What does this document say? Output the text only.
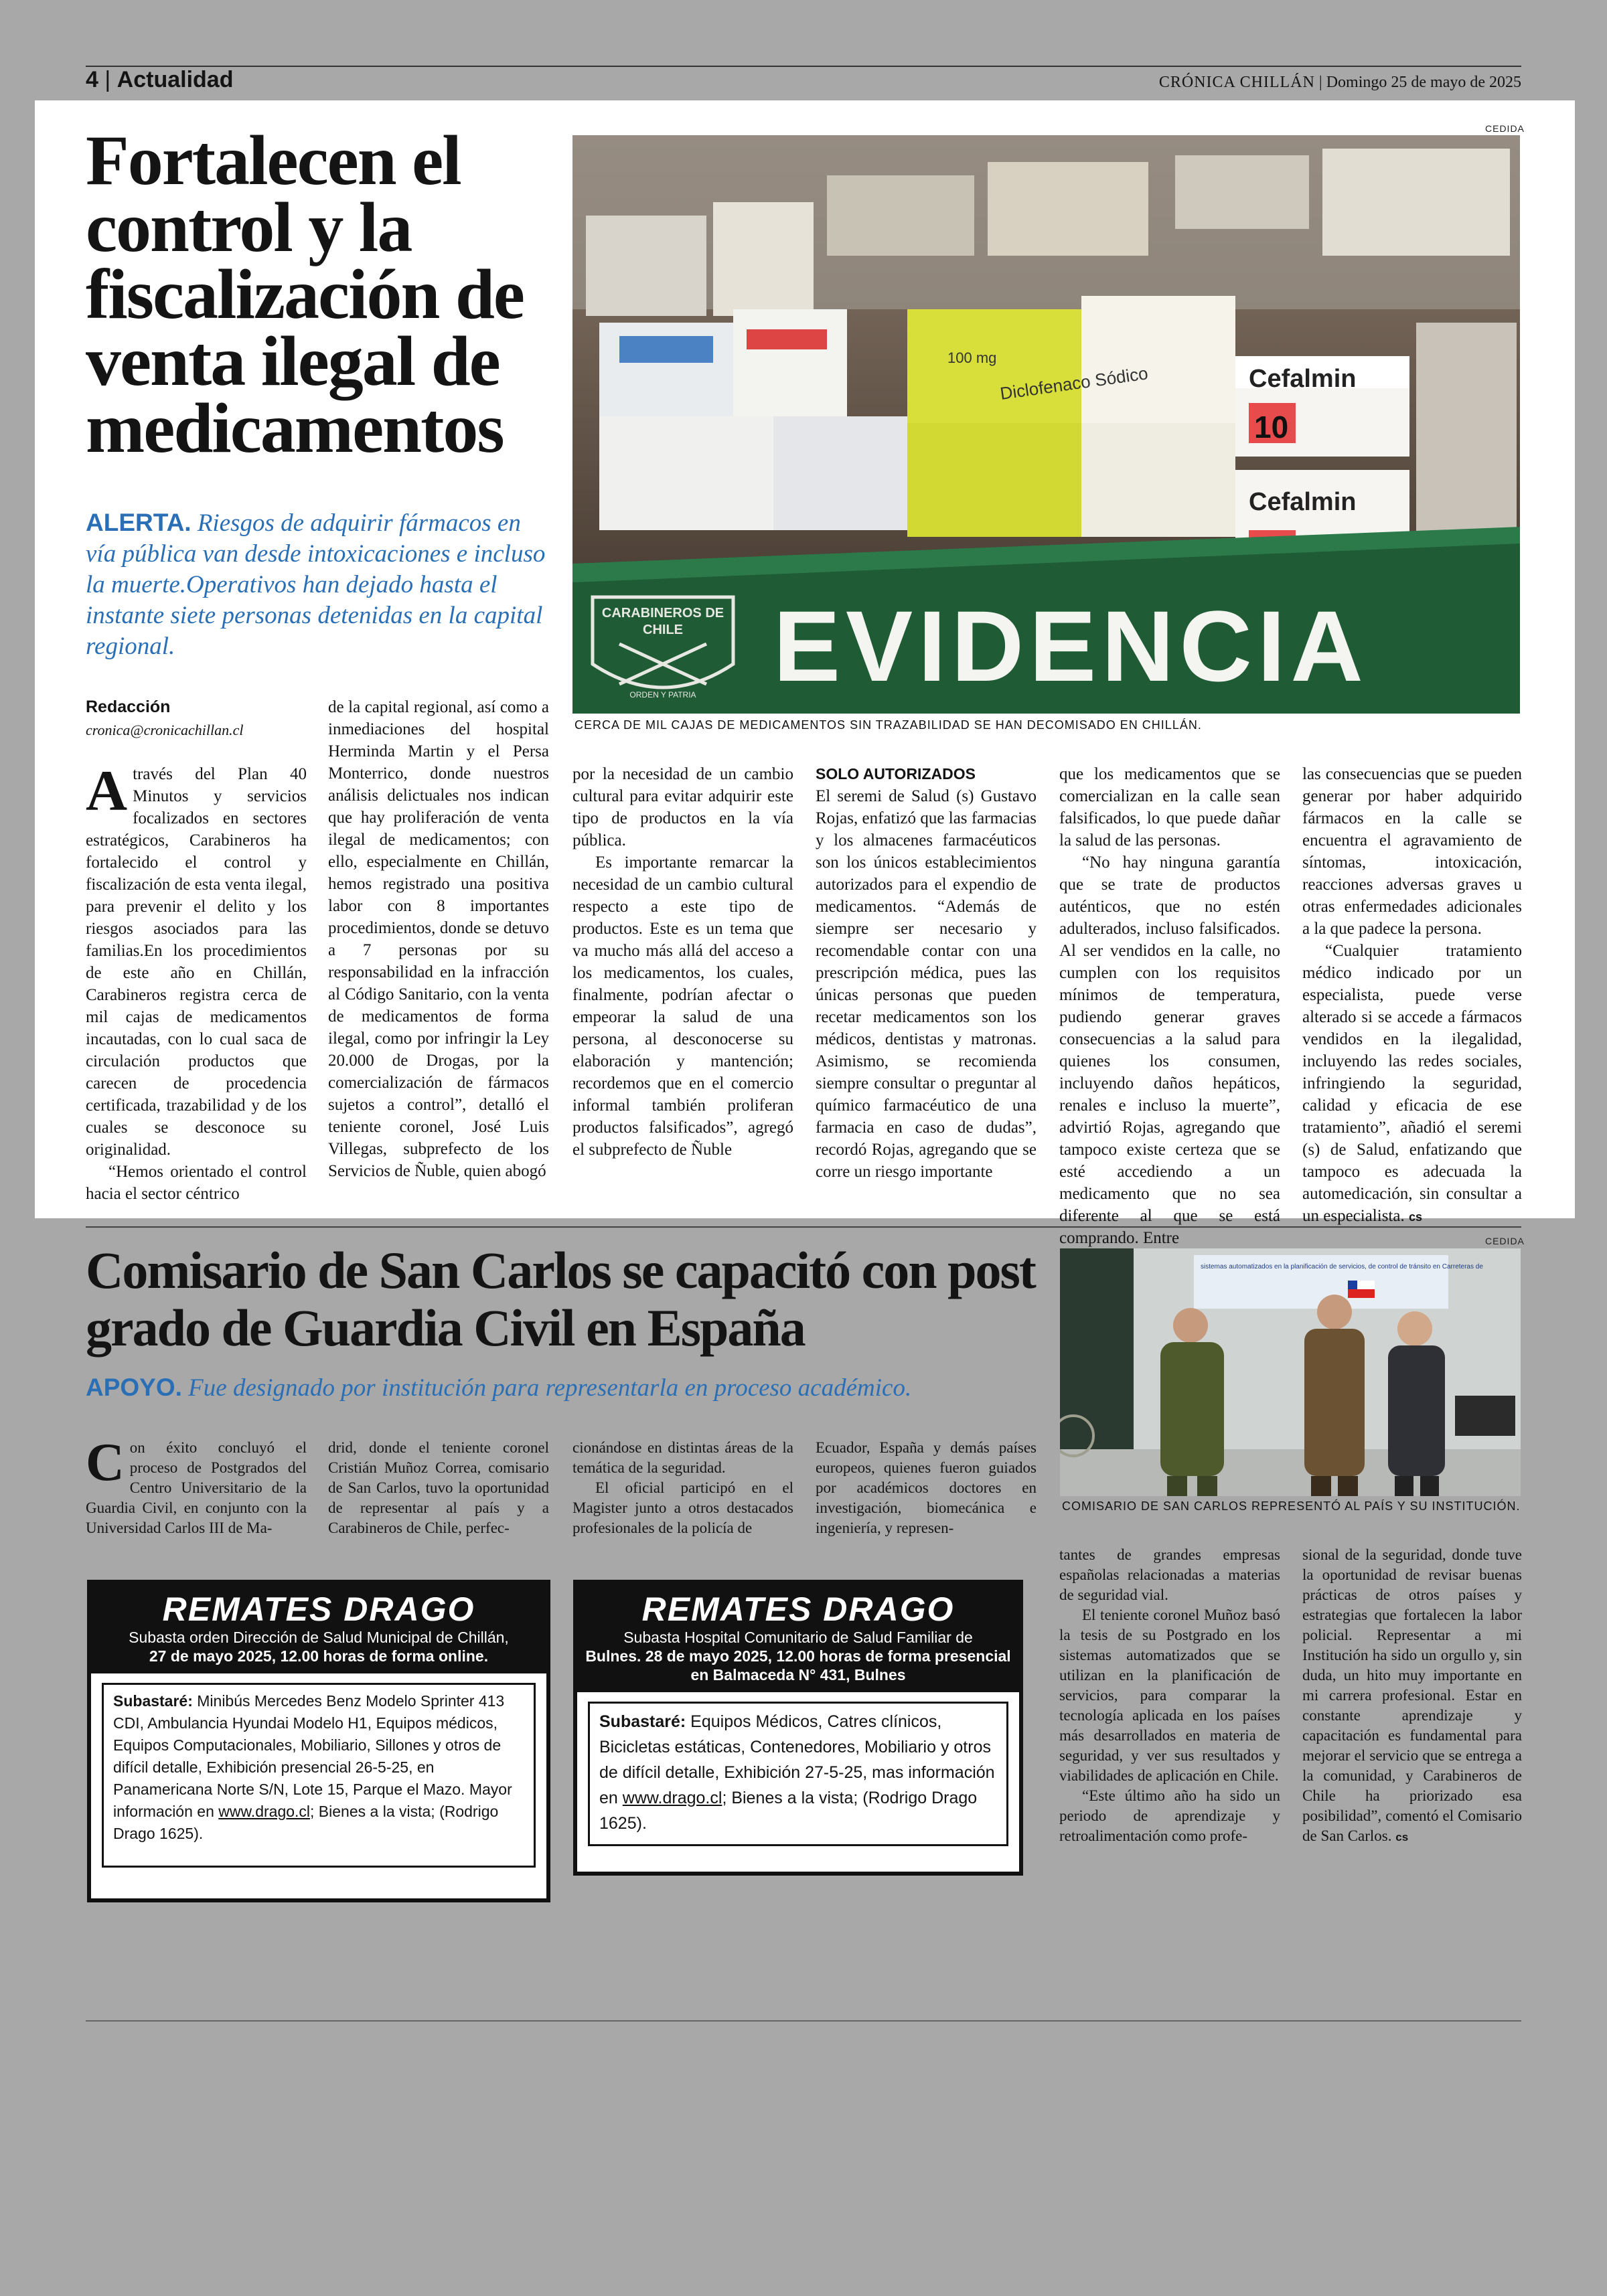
4 | Actualidad	CRÓNICA CHILLÁN | Domingo 25 de mayo de 2025
Fortalecen el control y la fiscalización de venta ilegal de medicamentos
ALERTA. Riesgos de adquirir fármacos en vía pública van desde intoxicaciones e incluso la muerte.Operativos han dejado hasta el instante siete personas detenidas en la capital regional.
Redacción
cronica@cronicachillan.cl
CEDIDA
Diclofenaco Sódico
100 mg
Cefalmin
10
Cefalmin
EVIDENCIA
CARABINEROS DE
CHILE
ORDEN Y PATRIA
CERCA DE MIL CAJAS DE MEDICAMENTOS SIN TRAZABILIDAD SE HAN DECOMISADO EN CHILLÁN.

Através del Plan 40 Minutos y servicios focalizados en sectores estratégicos, Carabineros ha fortalecido el control y fiscalización de esta venta ilegal, para prevenir el delito y los riesgos asociados para las familias.En los procedimientos de este año en Chillán, Carabineros registra cerca de mil cajas de medicamentos incautadas, con lo cual saca de circulación productos que carecen de procedencia certificada, trazabilidad y de los cuales se desconoce su originalidad.

“Hemos orientado el control hacia el sector céntrico

de la capital regional, así como a inmediaciones del hospital Herminda Martin y el Persa Monterrico, donde nuestros análisis delictuales nos indican que hay proliferación de venta ilegal de medicamentos; con ello, especialmente en Chillán, hemos registrado una positiva labor con 8 importantes procedimientos, donde se detuvo a 7 personas por su responsabilidad en la infracción al Código Sanitario, con la venta de medicamentos de forma ilegal, como por infringir la Ley 20.000 de Drogas, por la comercialización de fármacos sujetos a control”, detalló el teniente coronel, José Luis Villegas, subprefecto de los Servicios de Ñuble, quien abogó

por la necesidad de un cambio cultural para evitar adquirir este tipo de productos en la vía pública.

Es importante remarcar la necesidad de un cambio cultural respecto a este tipo de productos. Este es un tema que va mucho más allá del acceso a los medicamentos, los cuales, finalmente, podrían afectar o empeorar la salud de una persona, al desconocerse su elaboración y mantención; recordemos que en el comercio informal también proliferan productos falsificados”, agregó el subprefecto de Ñuble

SOLO AUTORIZADOS

El seremi de Salud (s) Gustavo Rojas, enfatizó que las farmacias y los almacenes farmacéuticos son los únicos establecimientos autorizados para el expendio de medicamentos. “Además de siempre ser necesario y recomendable contar con una prescripción médica, pues las únicas personas que pueden recetar medicamentos son los médicos, dentistas y matronas. Asimismo, se recomienda siempre consultar o preguntar al químico farmacéutico de una farmacia en caso de dudas”, recordó Rojas, agregando que se corre un riesgo importante

que los medicamentos que se comercializan en la calle sean falsificados, lo que puede dañar la salud de las personas.

“No hay ninguna garantía que se trate de productos auténticos, que no estén adulterados, incluso falsificados. Al ser vendidos en la calle, no cumplen con los requisitos mínimos de temperatura, pudiendo generar graves consecuencias a la salud para quienes los consumen, incluyendo daños hepáticos, renales e incluso la muerte”, advirtió Rojas, agregando que tampoco existe certeza que se esté accediendo a un medicamento que no sea diferente al que se está comprando. Entre

las consecuencias que se pueden generar por haber adquirido fármacos en la calle se encuentra el agravamiento de síntomas, intoxicación, reacciones adversas graves u otras enfermedades adicionales a la que padece la persona.

“Cualquier tratamiento médico indicado por un especialista, puede verse alterado si se accede a fármacos vendidos en la ilegalidad, incluyendo las redes sociales, infringiendo la seguridad, calidad y eficacia de ese tratamiento”, añadió el seremi (s) de Salud, enfatizando que tampoco es adecuada la automedicación, sin consultar a un especialista. cs

Comisario de San Carlos se capacitó con post grado de Guardia Civil en España
APOYO. Fue designado por institución para representarla en proceso académico.
CEDIDA
sistemas automatizados en la planificación de servicios, de control de tránsito en Carreteras de
COMISARIO DE SAN CARLOS REPRESENTÓ AL PAÍS Y SU INSTITUCIÓN.

Con éxito concluyó el proceso de Postgrados del Centro Universitario de la Guardia Civil, en conjunto con la Universidad Carlos III de Ma-

drid, donde el teniente coronel Cristián Muñoz Correa, comisario de San Carlos, tuvo la oportunidad de representar al país y a Carabineros de Chile, perfec-

cionándose en distintas áreas de la temática de la seguridad.

El oficial participó en el Magister junto a otros destacados profesionales de la policía de

Ecuador, España y demás países europeos, quienes fueron guiados por académicos doctores en investigación, biomecánica e ingeniería, y represen-

tantes de grandes empresas españolas relacionadas a materias de seguridad vial.

El teniente coronel Muñoz basó la tesis de su Postgrado en los sistemas automatizados que se utilizan en la planificación de servicios, para comparar la tecnología aplicada en los países más desarrollados en materia de seguridad, y ver sus resultados y viabilidades de aplicación en Chile.

“Este último año ha sido un periodo de aprendizaje y retroalimentación como profe-

sional de la seguridad, donde tuve la oportunidad de revisar buenas prácticas de otros países y estrategias que fortalecen la labor policial. Representar a mi Institución ha sido un orgullo y, sin duda, un hito muy importante en mi carrera profesional. Estar en constante aprendizaje y capacitación es fundamental para mejorar el servicio que se entrega a la comunidad, y Carabineros de Chile ha priorizado esa posibilidad”, comentó el Comisario de San Carlos. cs

REMATES DRAGO
Subasta orden Dirección de Salud Municipal de Chillán,
27 de mayo 2025, 12.00 horas de forma online.
Subastaré: Minibús Mercedes Benz Modelo Sprinter 413 CDI, Ambulancia Hyundai Modelo H1, Equipos médicos, Equipos Computacionales, Mobiliario, Sillones y otros de difícil detalle, Exhibición presencial 26-5-25, en Panamericana Norte S/N, Lote 15, Parque el Mazo. Mayor información en www.drago.cl; Bienes a la vista; (Rodrigo Drago 1625).
REMATES DRAGO
Subasta Hospital Comunitario de Salud Familiar de
Bulnes. 28 de mayo 2025, 12.00 horas de forma presencial en Balmaceda N° 431, Bulnes
Subastaré: Equipos Médicos, Catres clínicos, Bicicletas estáticas, Contenedores, Mobiliario y otros de difícil detalle, Exhibición 27-5-25, mas información en www.drago.cl; Bienes a la vista; (Rodrigo Drago 1625).
